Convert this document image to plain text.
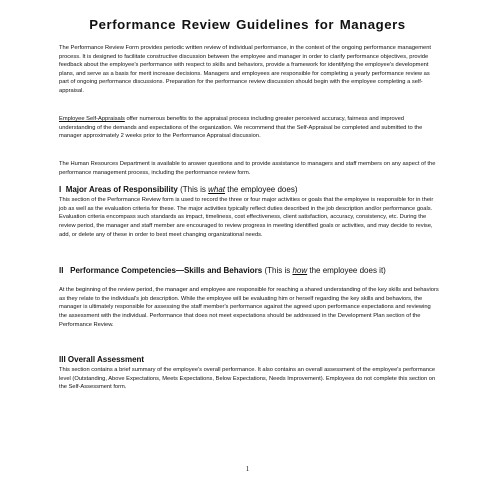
Performance Review Guidelines for Managers

The Performance Review Form provides periodic written review of individual performance, in the context of the ongoing performance management process. It is designed to facilitate constructive discussion between the employee and manager in order to clarify performance objectives, provide feedback about the employee's performance with respect to skills and behaviors, provide a framework for identifying the employee's development plans, and serve as a basis for merit increase decisions. Managers and employees are responsible for completing a yearly performance review as part of ongoing performance discussions. Preparation for the performance review discussion should begin with the employee completing a self-appraisal.

Employee Self-Appraisals offer numerous benefits to the appraisal process including greater perceived accuracy, fairness and improved understanding of the demands and expectations of the organization. We recommend that the Self-Appraisal be completed and submitted to the manager approximately 2 weeks prior to the Performance Appraisal discussion.

The Human Resources Department is available to answer questions and to provide assistance to managers and staff members on any aspect of the performance management process, including the performance review form.

I Major Areas of Responsibility (This is what the employee does)

This section of the Performance Review form is used to record the three or four major activities or goals that the employee is responsible for in their job as well as the evaluation criteria for these. The major activities typically reflect duties described in the job description and/or performance goals. Evaluation criteria encompass such standards as impact, timeliness, cost effectiveness, client satisfaction, accuracy, consistency, etc. During the review period, the manager and staff member are encouraged to review progress in meeting identified goals or activities, and may decide to revise, add, or delete any of these in order to best meet changing organizational needs.

II Performance Competencies—Skills and Behaviors (This is how the employee does it)

At the beginning of the review period, the manager and employee are responsible for reaching a shared understanding of the key skills and behaviors as they relate to the individual's job description. While the employee will be evaluating him or herself regarding the key skills and behaviors, the manager is ultimately responsible for assessing the staff member's performance against the agreed upon performance expectations and reviewing the assessment with the individual. Performance that does not meet expectations should be addressed in the Development Plan section of the Performance Review.

III Overall Assessment

This section contains a brief summary of the employee's overall performance. It also contains an overall assessment of the employee's performance level (Outstanding, Above Expectations, Meets Expectations, Below Expectations, Needs Improvement). Employees do not complete this section on the Self-Assessment form.

1
